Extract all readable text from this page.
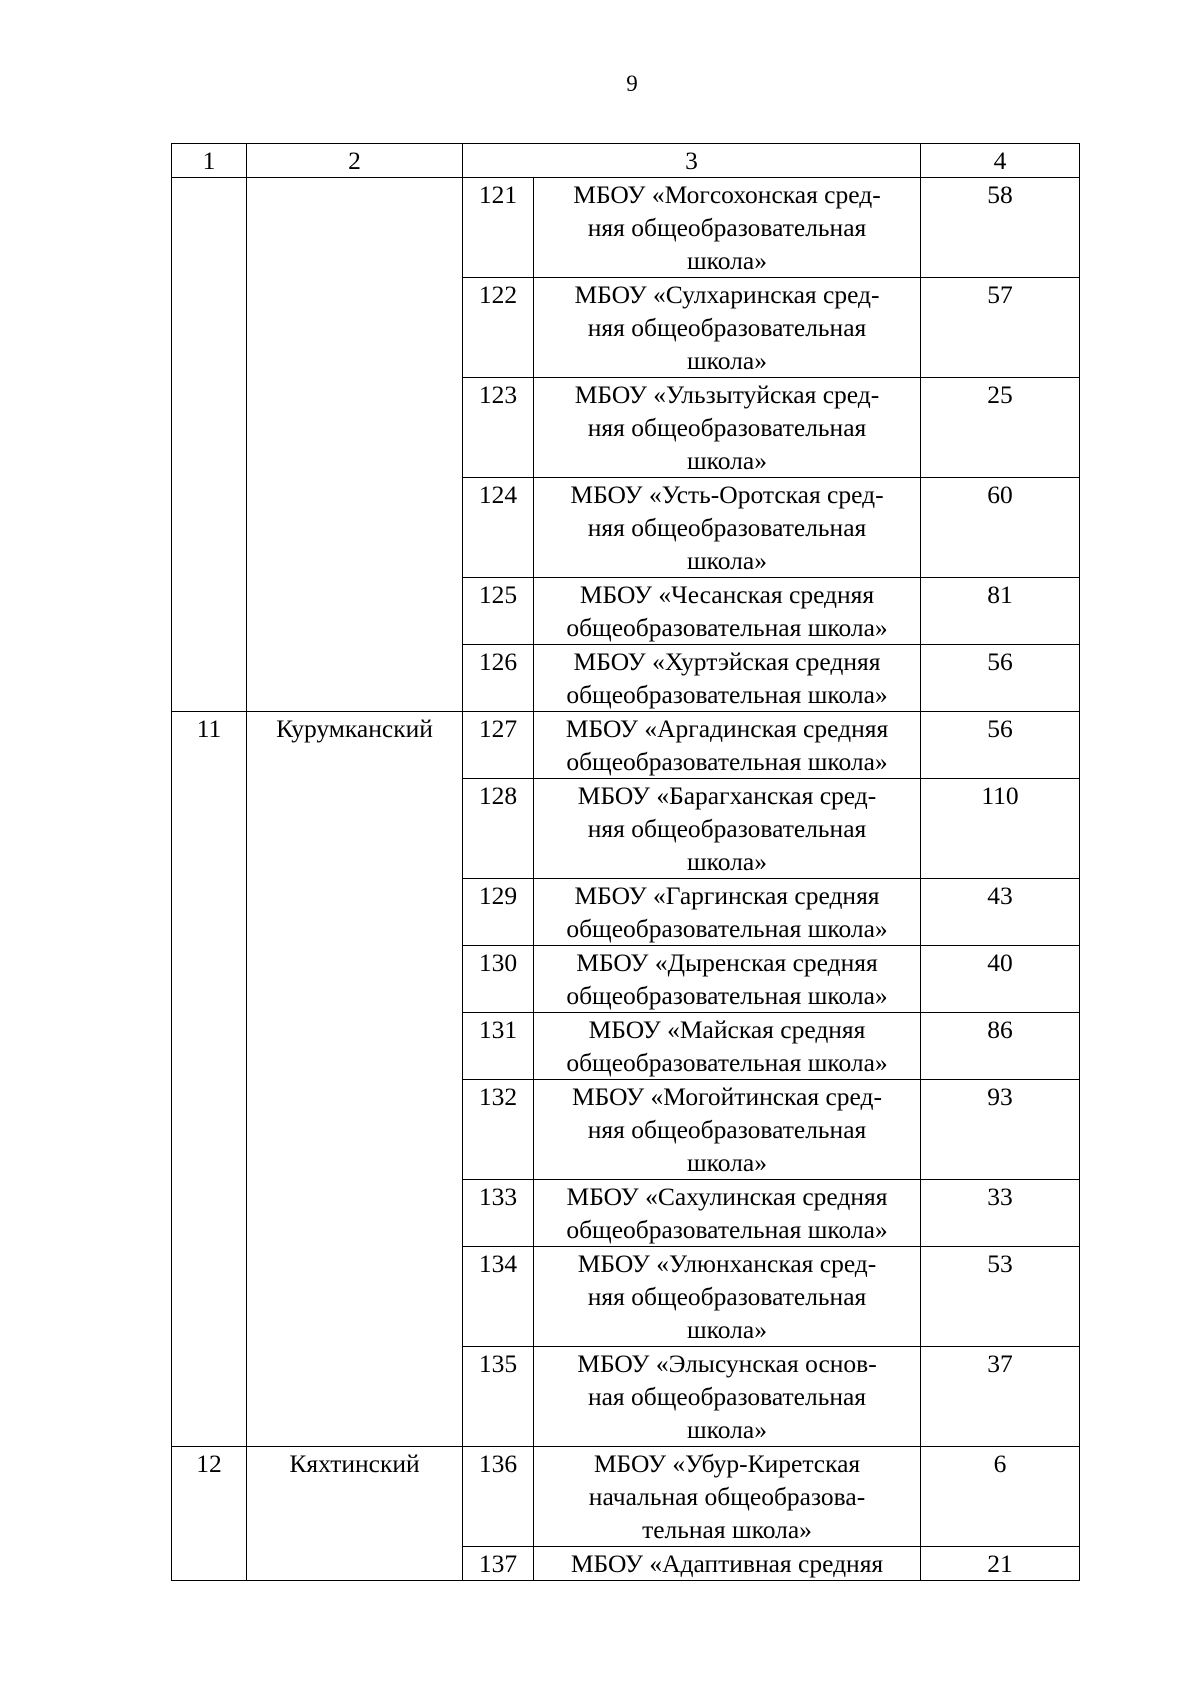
9
1	2	3		4
		121	МБОУ «Могсохонская сред-
няя общеобразовательная
школа»	58
		122	МБОУ «Сулхаринская сред-
няя общеобразовательная
школа»	57
		123	МБОУ «Ульзытуйская сред-
няя общеобразовательная
школа»	25
		124	МБОУ «Усть-Оротская сред-
няя общеобразовательная
школа»	60
		125	МБОУ «Чесанская средняя
общеобразовательная школа»	81
		126	МБОУ «Хуртэйская средняя
общеобразовательная школа»	56
11	Курумканский	127	МБОУ «Аргадинская средняя
общеобразовательная школа»	56
		128	МБОУ «Барагханская сред-
няя общеобразовательная
школа»	110
		129	МБОУ «Гаргинская средняя
общеобразовательная школа»	43
		130	МБОУ «Дыренская средняя
общеобразовательная школа»	40
		131	МБОУ «Майская средняя
общеобразовательная школа»	86
		132	МБОУ «Могойтинская сред-
няя общеобразовательная
школа»	93
		133	МБОУ «Сахулинская средняя
общеобразовательная школа»	33
		134	МБОУ «Улюнханская сред-
няя общеобразовательная
школа»	53
		135	МБОУ «Элысунская основ-
ная общеобразовательная
школа»	37
12	Кяхтинский	136	МБОУ «Убур-Киретская
начальная общеобразова-
тельная школа»	6
		137	МБОУ «Адаптивная средняя	21
